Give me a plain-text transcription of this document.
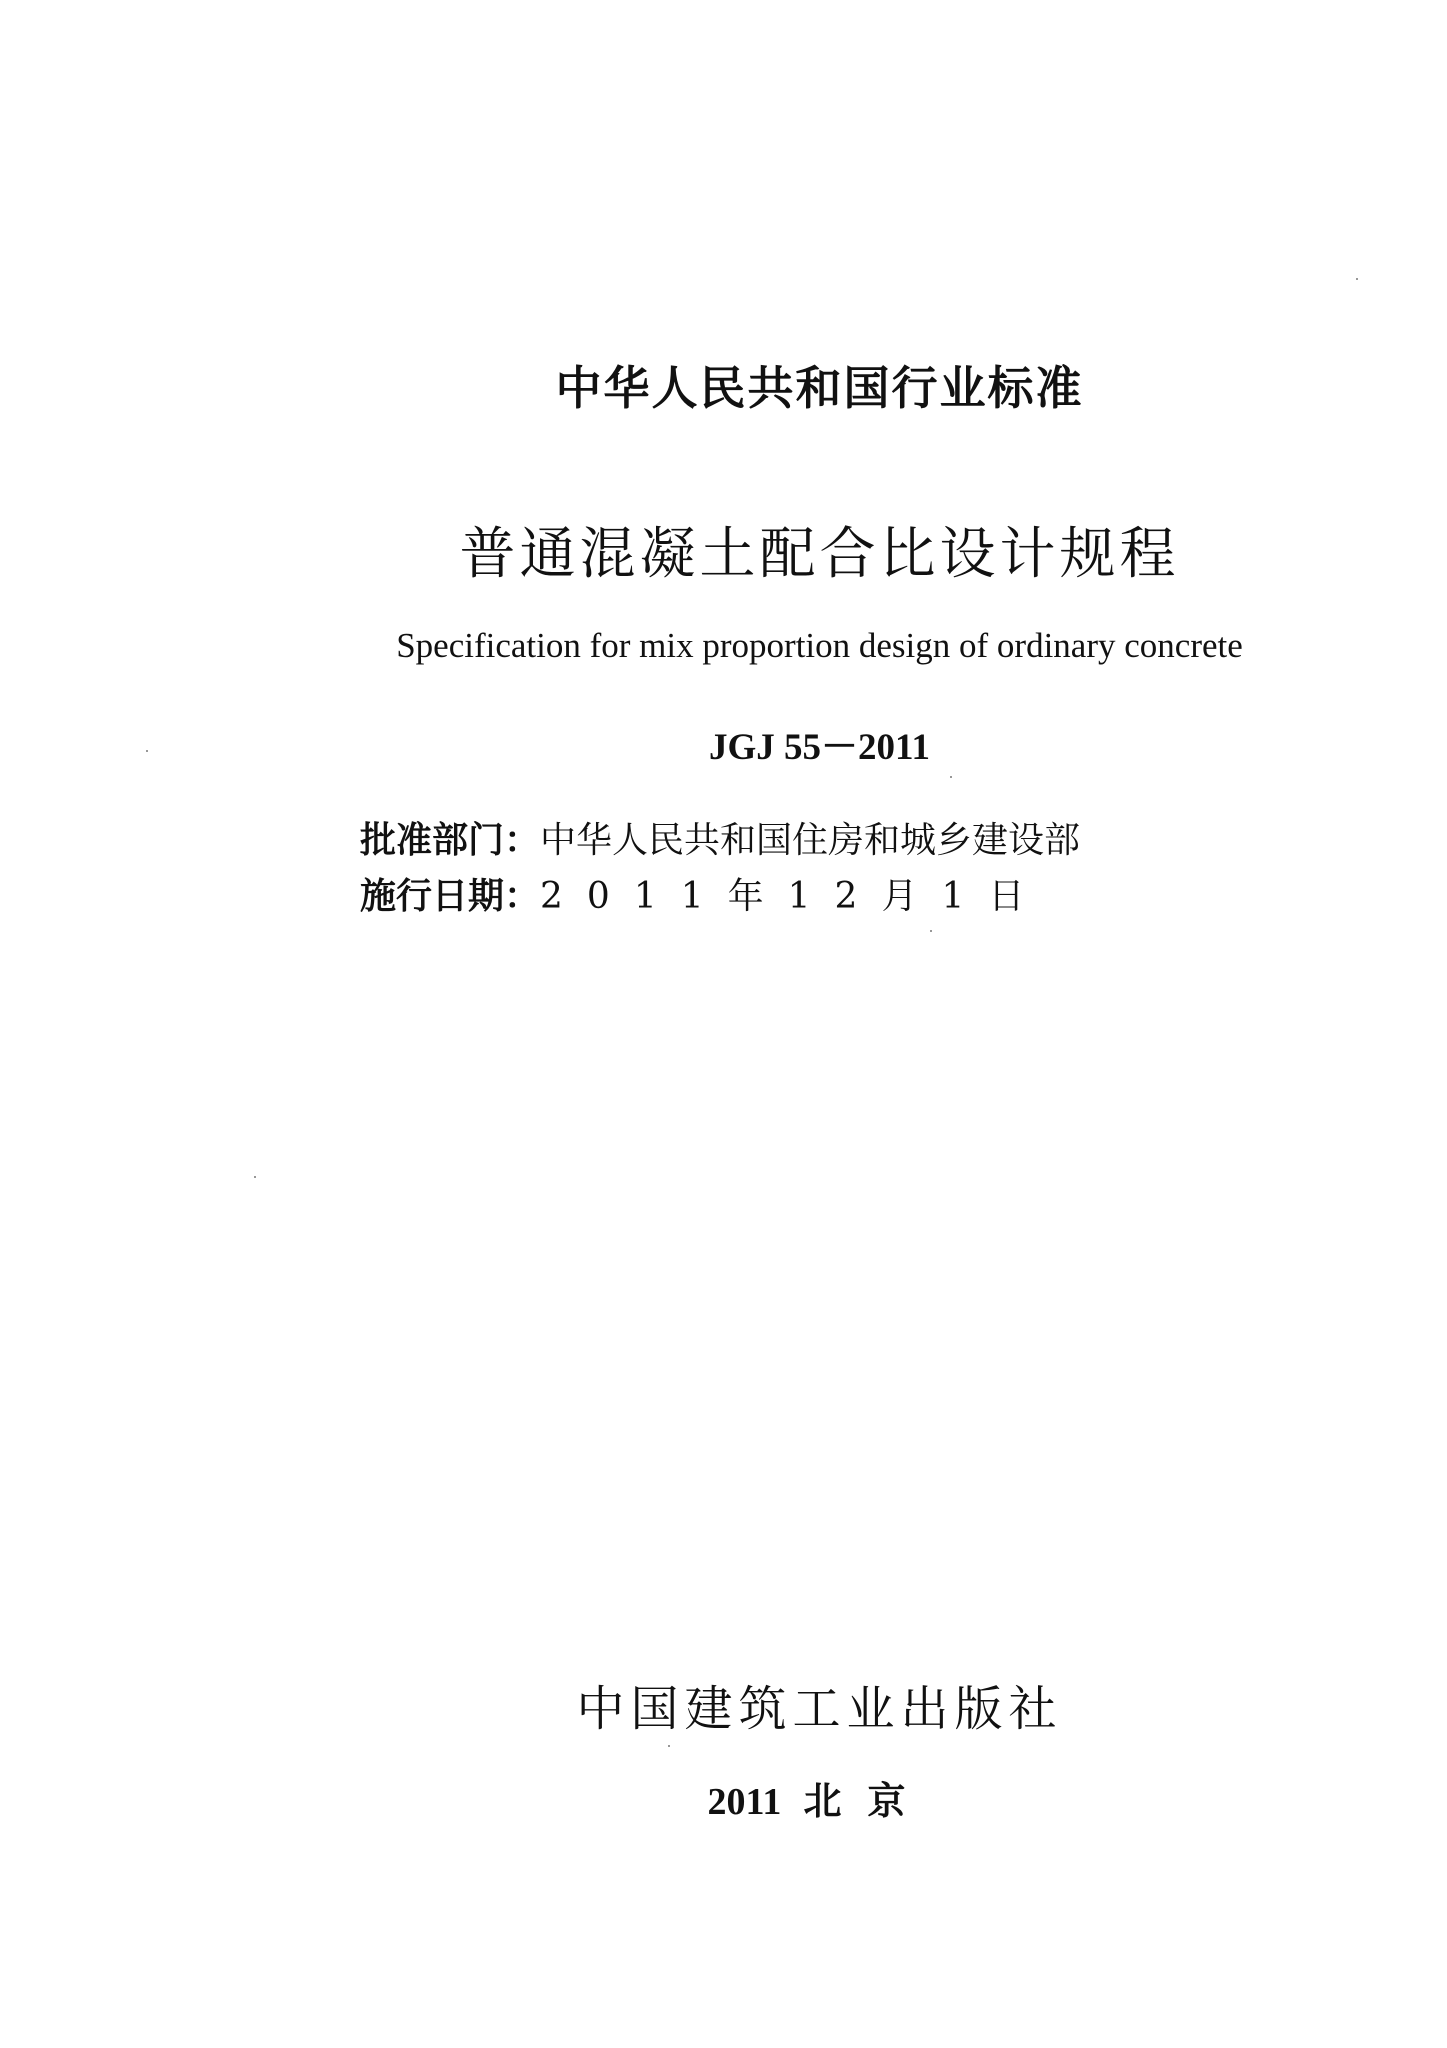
中华人民共和国行业标准
普通混凝土配合比设计规程
Specification for mix proportion design of ordinary concrete
JGJ 55－2011
批准部门：中华人民共和国住房和城乡建设部
施行日期：2011年12月1日
中国建筑工业出版社
2011 北京
